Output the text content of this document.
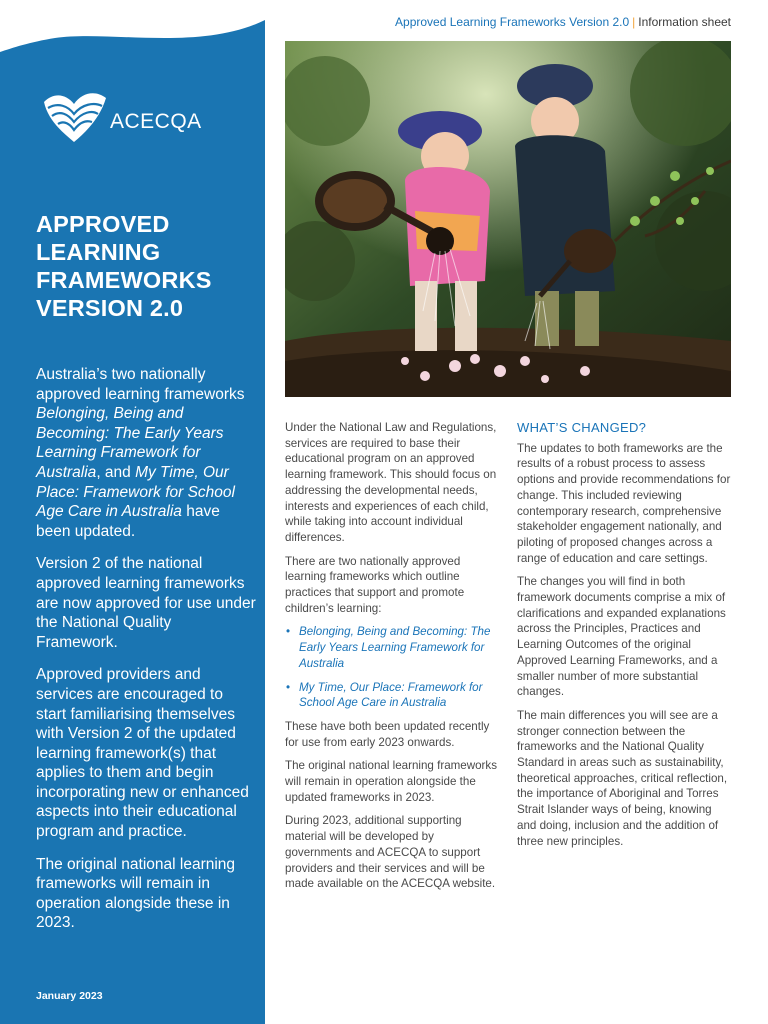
Approved Learning Frameworks Version 2.0 | Information sheet
ACECQA
APPROVED
LEARNING
FRAMEWORKS
VERSION 2.0

Australia’s two nationally approved learning frameworks Belonging, Being and Becoming: The Early Years Learning Framework for Australia, and My Time, Our Place: Framework for School Age Care in Australia have been updated.

Version 2 of the national approved learning frameworks are now approved for use under the National Quality Framework.

Approved providers and services are encouraged to start familiarising themselves with Version 2 of the updated learning framework(s) that applies to them and begin incorporating new or enhanced aspects into their educational program and practice.

The original national learning frameworks will remain in operation alongside these in 2023.

January 2023

Under the National Law and Regulations, services are required to base their educational program on an approved learning framework. This should focus on addressing the developmental needs, interests and experiences of each child, while taking into account individual differences.

There are two nationally approved learning frameworks which outline practices that support and promote children’s learning:

• Belonging, Being and Becoming: The Early Years Learning Framework for Australia
• My Time, Our Place: Framework for School Age Care in Australia

These have both been updated recently for use from early 2023 onwards.

The original national learning frameworks will remain in operation alongside the updated frameworks in 2023.

During 2023, additional supporting material will be developed by governments and ACECQA to support providers and their services and will be made available on the ACECQA website.

WHAT’S CHANGED?

The updates to both frameworks are the results of a robust process to assess options and provide recommendations for change. This included reviewing contemporary research, comprehensive stakeholder engagement nationally, and piloting of proposed changes across a range of education and care settings.

The changes you will find in both framework documents comprise a mix of clarifications and expanded explanations across the Principles, Practices and Learning Outcomes of the original Approved Learning Frameworks, and a smaller number of more substantial changes.

The main differences you will see are a stronger connection between the frameworks and the National Quality Standard in areas such as sustainability, theoretical approaches, critical reflection, the importance of Aboriginal and Torres Strait Islander ways of being, knowing and doing, inclusion and the addition of three new principles.
